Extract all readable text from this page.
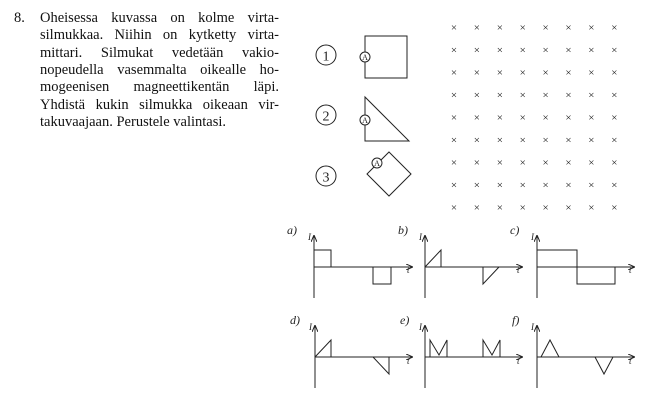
8. Oheisessa kuvassa on kolme virta-
silmukkaa. Niihin on kytketty virta-
mittari. Silmukat vedetään vakio-
nopeudella vasemmalta oikealle ho-
mogeenisen magneettikentän läpi.
Yhdistä kukin silmukka oikeaan vir-
takuvaajaan. Perustele valintasi.
1	A
2	A
3
A
× × × × × × × ×
× × × × × × × ×
× × × × × × × ×
× × × × × × × ×
× × × × × × × ×
× × × × × × × ×
× × × × × × × ×
× × × × × × × ×
× × × × × × × ×
a) I
t
b) I
t
c) I
t
d) I
t
e) I
t
f) I
t
